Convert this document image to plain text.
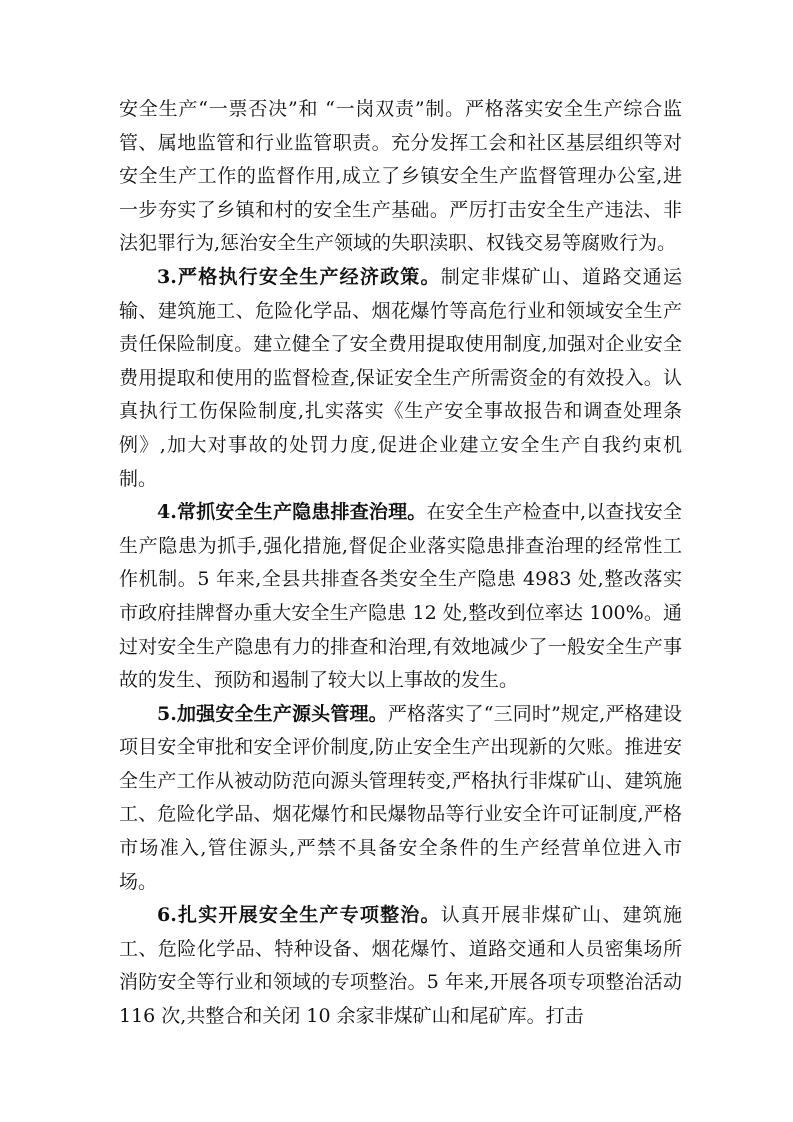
安全生产“一票否决”和 “一岗双责”制。严格落实安全生产综合监管、属地监管和行业监管职责。充分发挥工会和社区基层组织等对安全生产工作的监督作用,成立了乡镇安全生产监督管理办公室,进一步夯实了乡镇和村的安全生产基础。严厉打击安全生产违法、非法犯罪行为,惩治安全生产领域的失职渎职、权钱交易等腐败行为。

3.严格执行安全生产经济政策。制定非煤矿山、道路交通运输、建筑施工、危险化学品、烟花爆竹等高危行业和领域安全生产责任保险制度。建立健全了安全费用提取使用制度,加强对企业安全费用提取和使用的监督检查,保证安全生产所需资金的有效投入。认真执行工伤保险制度,扎实落实《生产安全事故报告和调查处理条例》,加大对事故的处罚力度,促进企业建立安全生产自我约束机制。

4.常抓安全生产隐患排查治理。在安全生产检查中,以查找安全生产隐患为抓手,强化措施,督促企业落实隐患排查治理的经常性工作机制。5 年来,全县共排查各类安全生产隐患 4983 处,整改落实市政府挂牌督办重大安全生产隐患 12 处,整改到位率达 100%。通过对安全生产隐患有力的排查和治理,有效地减少了一般安全生产事故的发生、预防和遏制了较大以上事故的发生。

5.加强安全生产源头管理。严格落实了“三同时”规定,严格建设项目安全审批和安全评价制度,防止安全生产出现新的欠账。推进安全生产工作从被动防范向源头管理转变,严格执行非煤矿山、建筑施工、危险化学品、烟花爆竹和民爆物品等行业安全许可证制度,严格市场准入,管住源头,严禁不具备安全条件的生产经营单位进入市场。

6.扎实开展安全生产专项整治。认真开展非煤矿山、建筑施工、危险化学品、特种设备、烟花爆竹、道路交通和人员密集场所消防安全等行业和领域的专项整治。5 年来,开展各项专项整治活动 116 次,共整合和关闭 10 余家非煤矿山和尾矿库。打击
